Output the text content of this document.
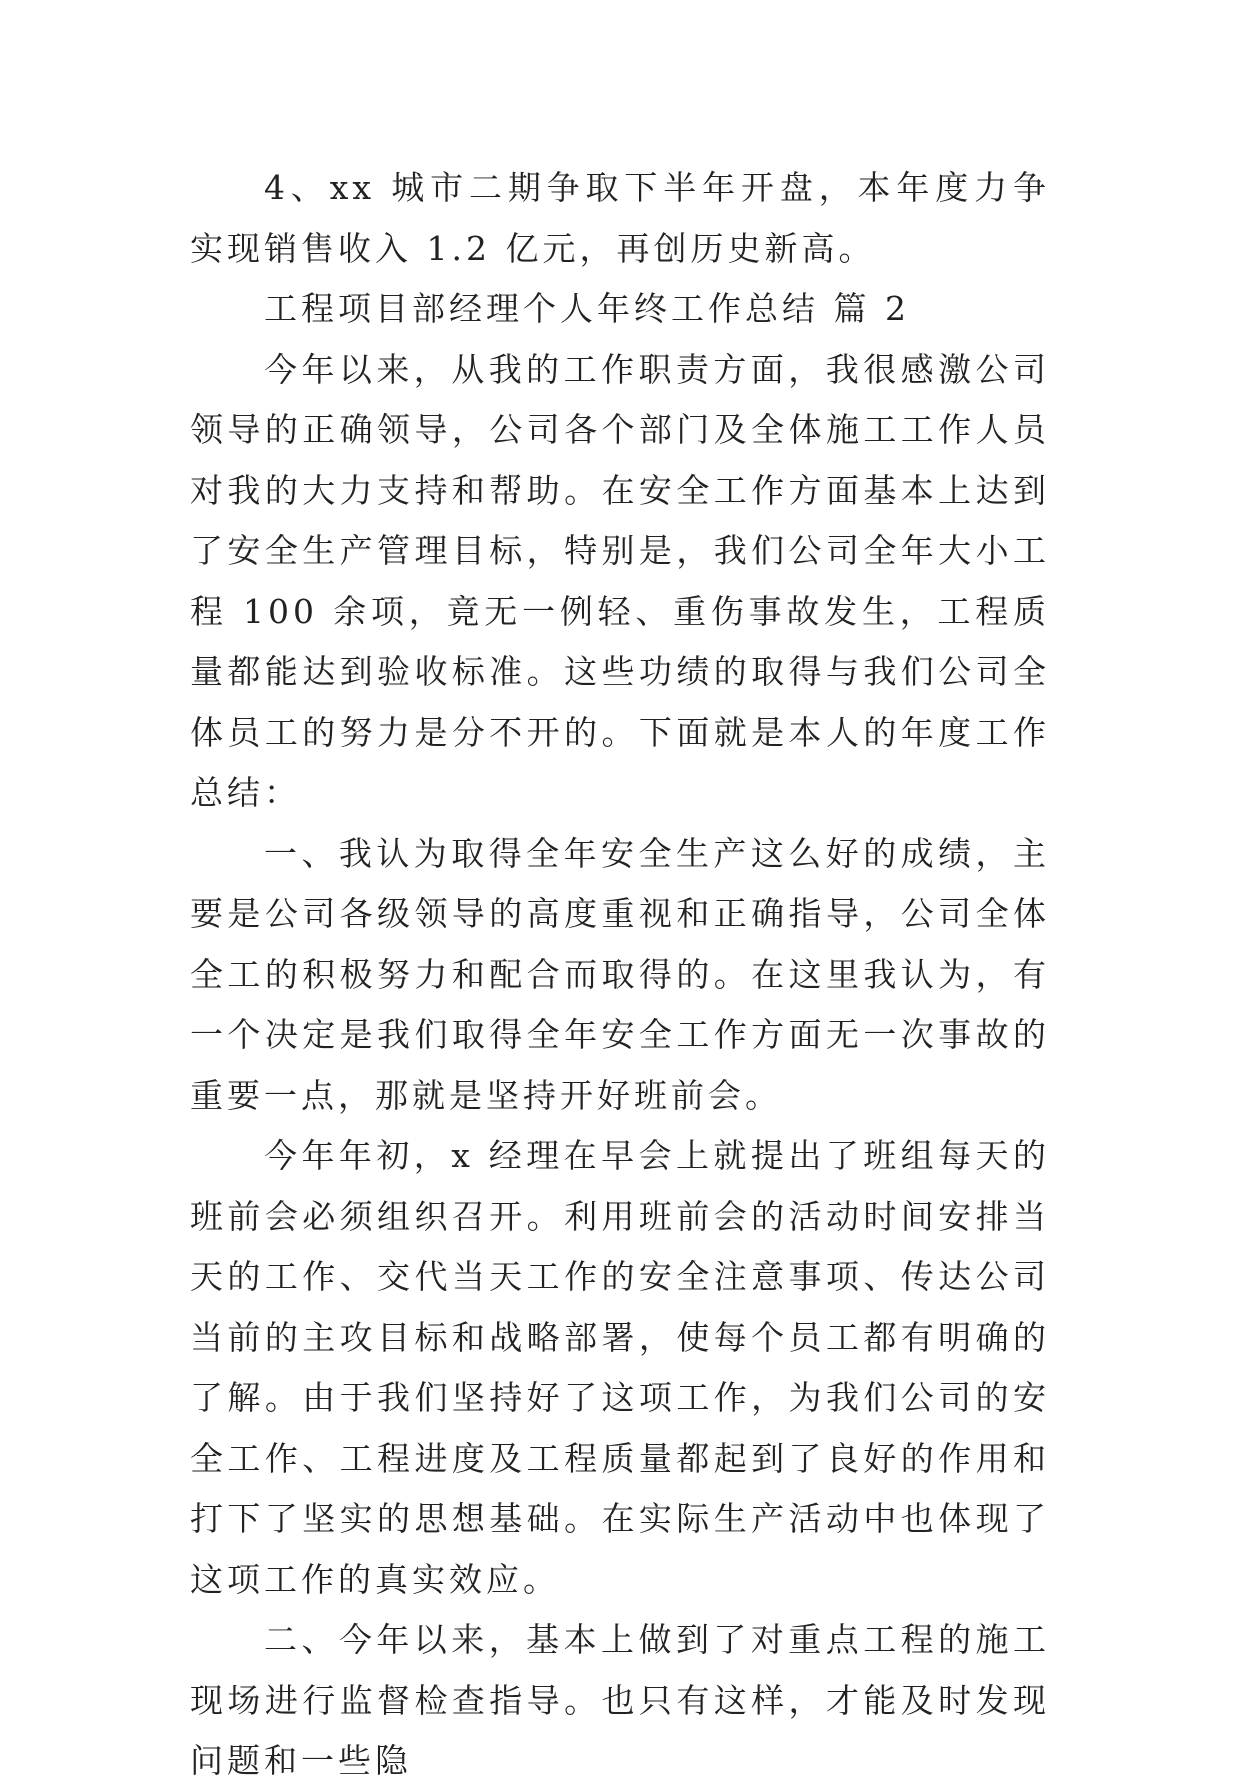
4、xx 城市二期争取下半年开盘，本年度力争实现销售收入 1.2 亿元，再创历史新高。

工程项目部经理个人年终工作总结 篇 2

今年以来，从我的工作职责方面，我很感激公司领导的正确领导，公司各个部门及全体施工工作人员对我的大力支持和帮助。在安全工作方面基本上达到了安全生产管理目标，特别是，我们公司全年大小工程 100 余项，竟无一例轻、重伤事故发生，工程质量都能达到验收标准。这些功绩的取得与我们公司全体员工的努力是分不开的。下面就是本人的年度工作总结：

一、我认为取得全年安全生产这么好的成绩，主要是公司各级领导的高度重视和正确指导，公司全体全工的积极努力和配合而取得的。在这里我认为，有一个决定是我们取得全年安全工作方面无一次事故的重要一点，那就是坚持开好班前会。

今年年初，x 经理在早会上就提出了班组每天的班前会必须组织召开。利用班前会的活动时间安排当天的工作、交代当天工作的安全注意事项、传达公司当前的主攻目标和战略部署，使每个员工都有明确的了解。由于我们坚持好了这项工作，为我们公司的安全工作、工程进度及工程质量都起到了良好的作用和打下了坚实的思想基础。在实际生产活动中也体现了这项工作的真实效应。

二、今年以来，基本上做到了对重点工程的施工现场进行监督检查指导。也只有这样，才能及时发现问题和一些隐
